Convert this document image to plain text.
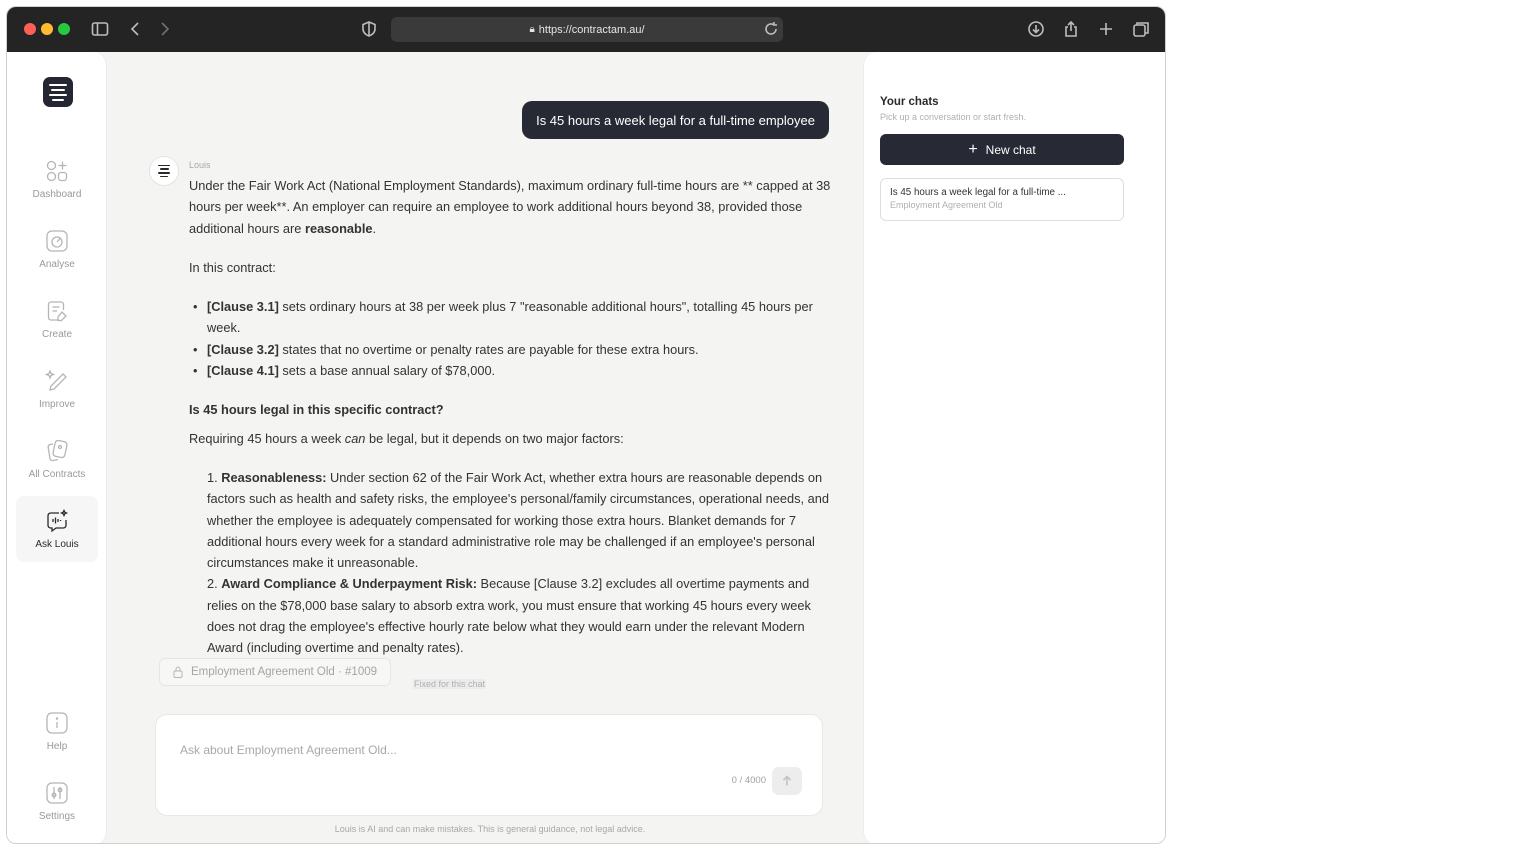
🔒︎ https://contractam.au/
Dashboard
Analyse
Create
Improve
All Contracts
Ask Louis
Help
Settings
Is 45 hours a week legal for a full-time employee
Louis

Under the Fair Work Act (National Employment Standards), maximum ordinary full-time hours are ** capped at 38 hours per week**. An employer can require an employee to work additional hours beyond 38, provided those additional hours are reasonable.

In this contract:

• [Clause 3.1] sets ordinary hours at 38 per week plus 7 "reasonable additional hours", totalling 45 hours per week.
• [Clause 3.2] states that no overtime or penalty rates are payable for these extra hours.
• [Clause 4.1] sets a base annual salary of $78,000.
Is 45 hours legal in this specific contract?

Requiring 45 hours a week can be legal, but it depends on two major factors:

1. Reasonableness: Under section 62 of the Fair Work Act, whether extra hours are reasonable depends on factors such as health and safety risks, the employee's personal/family circumstances, operational needs, and whether the employee is adequately compensated for working those extra hours. Blanket demands for 7 additional hours every week for a standard administrative role may be challenged if an employee's personal circumstances make it unreasonable.
2. Award Compliance & Underpayment Risk: Because [Clause 3.2] excludes all overtime payments and relies on the $78,000 base salary to absorb extra work, you must ensure that working 45 hours every week does not drag the employee's effective hourly rate below what they would earn under the relevant Modern Award (including overtime and penalty rates).
Employment Agreement Old · #1009
Fixed for this chat
Ask about Employment Agreement Old...
0 / 4000
Louis is AI and can make mistakes. This is general guidance, not legal advice.
Your chats
Pick up a conversation or start fresh.
+ New chat
Is 45 hours a week legal for a full-time ...
Employment Agreement Old
